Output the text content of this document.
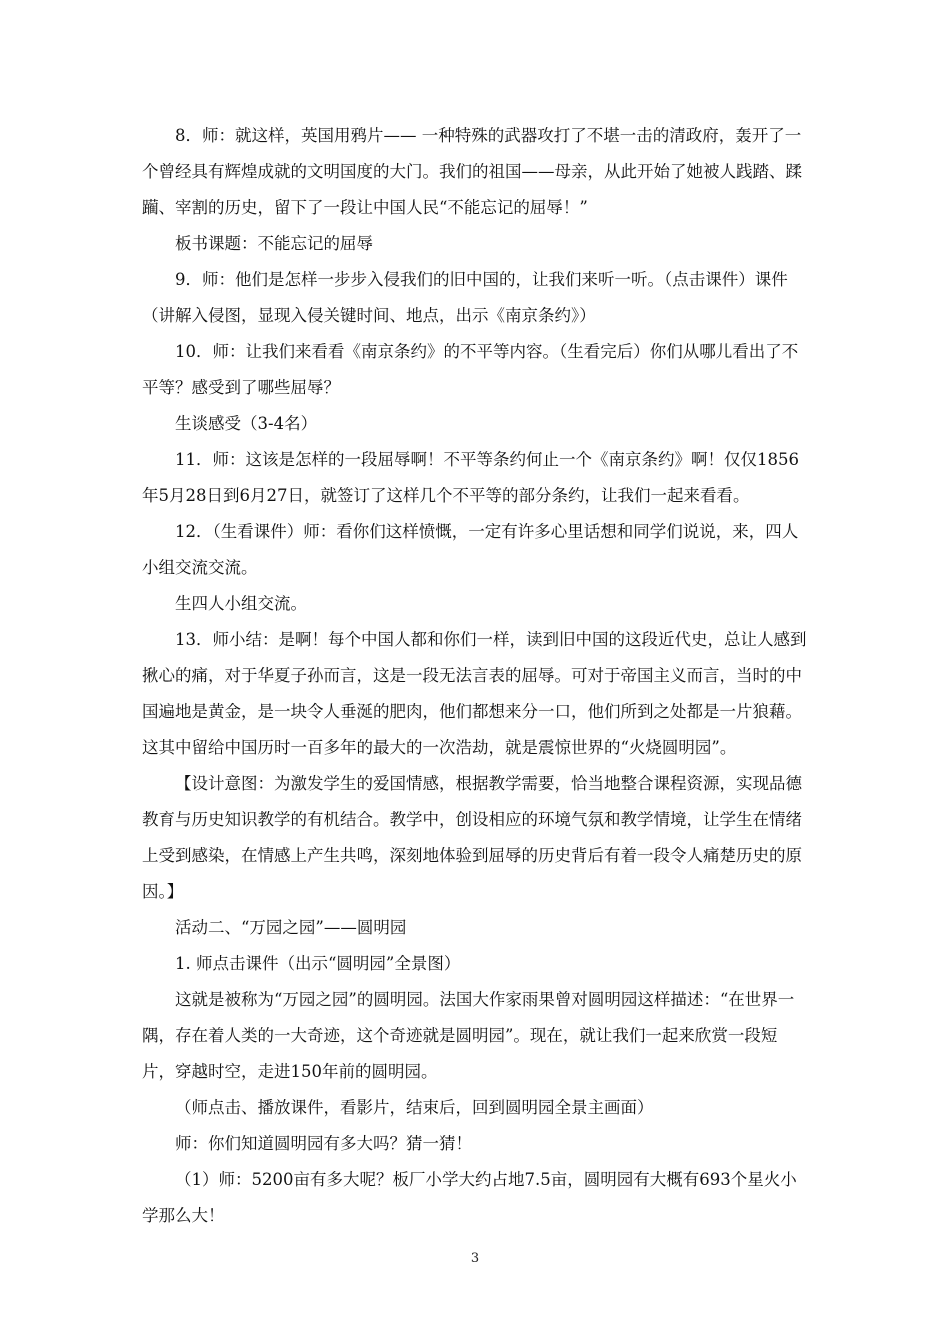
8．师：就这样，英国用鸦片—— 一种特殊的武器攻打了不堪一击的清政府，轰开了一个曾经具有辉煌成就的文明国度的大门。我们的祖国——母亲，从此开始了她被人践踏、蹂躏、宰割的历史，留下了一段让中国人民“不能忘记的屈辱！”

板书课题：不能忘记的屈辱

9．师：他们是怎样一步步入侵我们的旧中国的，让我们来听一听。（点击课件）课件（讲解入侵图，显现入侵关键时间、地点，出示《南京条约》）

10．师：让我们来看看《南京条约》的不平等内容。（生看完后）你们从哪儿看出了不平等？感受到了哪些屈辱？

生谈感受（3-4名）

11．师：这该是怎样的一段屈辱啊！不平等条约何止一个《南京条约》啊！仅仅1856年5月28日到6月27日，就签订了这样几个不平等的部分条约，让我们一起来看看。

12．（生看课件）师：看你们这样愤慨，一定有许多心里话想和同学们说说，来，四人小组交流交流。

生四人小组交流。

13．师小结：是啊！每个中国人都和你们一样，读到旧中国的这段近代史，总让人感到揪心的痛，对于华夏子孙而言，这是一段无法言表的屈辱。可对于帝国主义而言，当时的中国遍地是黄金，是一块令人垂涎的肥肉，他们都想来分一口，他们所到之处都是一片狼藉。这其中留给中国历时一百多年的最大的一次浩劫，就是震惊世界的“火烧圆明园”。

【设计意图：为激发学生的爱国情感，根据教学需要，恰当地整合课程资源，实现品德教育与历史知识教学的有机结合。教学中，创设相应的环境气氛和教学情境，让学生在情绪上受到感染，在情感上产生共鸣，深刻地体验到屈辱的历史背后有着一段令人痛楚历史的原因。】

活动二、“万园之园”——圆明园

1. 师点击课件（出示“圆明园”全景图）

这就是被称为“万园之园”的圆明园。法国大作家雨果曾对圆明园这样描述：“在世界一隅，存在着人类的一大奇迹，这个奇迹就是圆明园”。现在，就让我们一起来欣赏一段短片，穿越时空，走进150年前的圆明园。

（师点击、播放课件，看影片，结束后，回到圆明园全景主画面）

师：你们知道圆明园有多大吗？猜一猜！

（1）师：5200亩有多大呢？板厂小学大约占地7.5亩，圆明园有大概有693个星火小学那么大！

3
